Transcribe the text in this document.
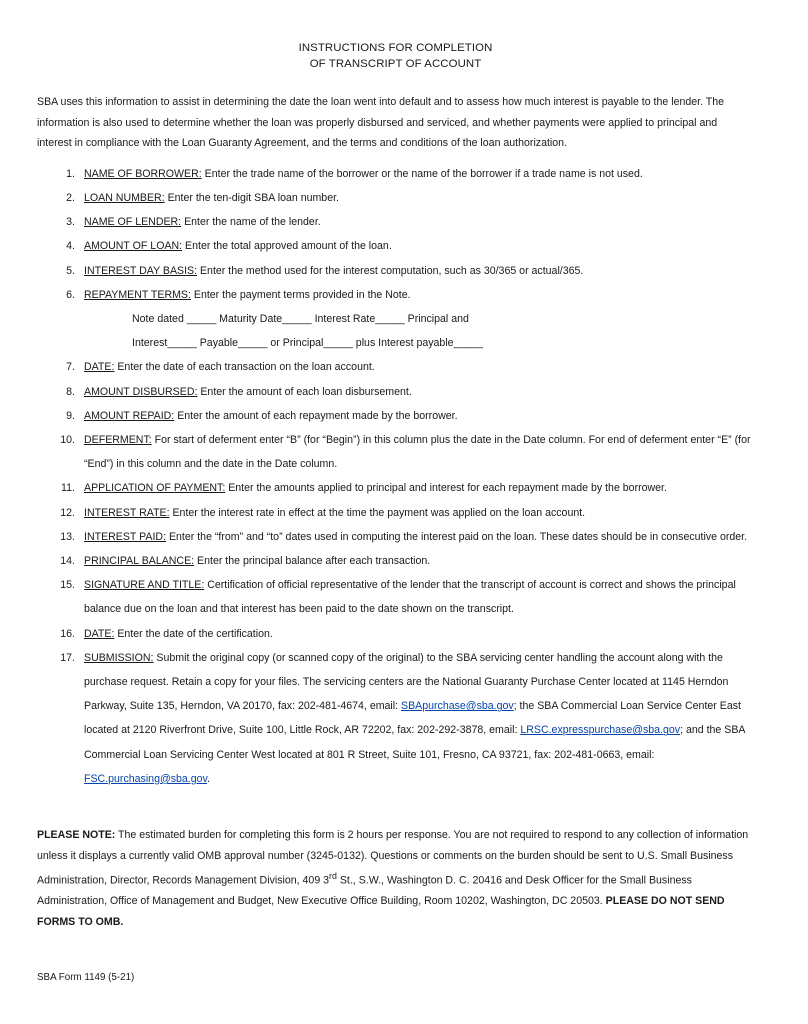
INSTRUCTIONS FOR COMPLETION
OF TRANSCRIPT OF ACCOUNT

SBA uses this information to assist in determining the date the loan went into default and to assess how much interest is payable to the lender. The information is also used to determine whether the loan was properly disbursed and serviced, and whether payments were applied to principal and interest in compliance with the Loan Guaranty Agreement, and the terms and conditions of the loan authorization.

1. NAME OF BORROWER: Enter the trade name of the borrower or the name of the borrower if a trade name is not used.
2. LOAN NUMBER: Enter the ten-digit SBA loan number.
3. NAME OF LENDER: Enter the name of the lender.
4. AMOUNT OF LOAN: Enter the total approved amount of the loan.
5. INTEREST DAY BASIS: Enter the method used for the interest computation, such as 30/365 or actual/365.
6. REPAYMENT TERMS: Enter the payment terms provided in the Note.
Note dated _____ Maturity Date_____ Interest Rate_____ Principal and
Interest_____ Payable_____ or Principal_____ plus Interest payable_____
7. DATE: Enter the date of each transaction on the loan account.
8. AMOUNT DISBURSED: Enter the amount of each loan disbursement.
9. AMOUNT REPAID: Enter the amount of each repayment made by the borrower.
10. DEFERMENT: For start of deferment enter “B” (for “Begin”) in this column plus the date in the Date column. For end of deferment enter “E” (for “End”) in this column and the date in the Date column.
11. APPLICATION OF PAYMENT: Enter the amounts applied to principal and interest for each repayment made by the borrower.
12. INTEREST RATE: Enter the interest rate in effect at the time the payment was applied on the loan account.
13. INTEREST PAID: Enter the “from” and “to” dates used in computing the interest paid on the loan. These dates should be in consecutive order.
14. PRINCIPAL BALANCE: Enter the principal balance after each transaction.
15. SIGNATURE AND TITLE: Certification of official representative of the lender that the transcript of account is correct and shows the principal balance due on the loan and that interest has been paid to the date shown on the transcript.
16. DATE: Enter the date of the certification.
17. SUBMISSION: Submit the original copy (or scanned copy of the original) to the SBA servicing center handling the account along with the purchase request. Retain a copy for your files. The servicing centers are the National Guaranty Purchase Center located at 1145 Herndon Parkway, Suite 135, Herndon, VA 20170, fax: 202-481-4674, email: SBApurchase@sba.gov; the SBA Commercial Loan Service Center East located at 2120 Riverfront Drive, Suite 100, Little Rock, AR 72202, fax: 202-292-3878, email: LRSC.expresspurchase@sba.gov; and the SBA Commercial Loan Servicing Center West located at 801 R Street, Suite 101, Fresno, CA 93721, fax: 202-481-0663, email: FSC.purchasing@sba.gov.

PLEASE NOTE: The estimated burden for completing this form is 2 hours per response. You are not required to respond to any collection of information unless it displays a currently valid OMB approval number (3245-0132). Questions or comments on the burden should be sent to U.S. Small Business Administration, Director, Records Management Division, 409 3rd St., S.W., Washington D. C. 20416 and Desk Officer for the Small Business Administration, Office of Management and Budget, New Executive Office Building, Room 10202, Washington, DC 20503. PLEASE DO NOT SEND FORMS TO OMB.

SBA Form 1149 (5-21)
